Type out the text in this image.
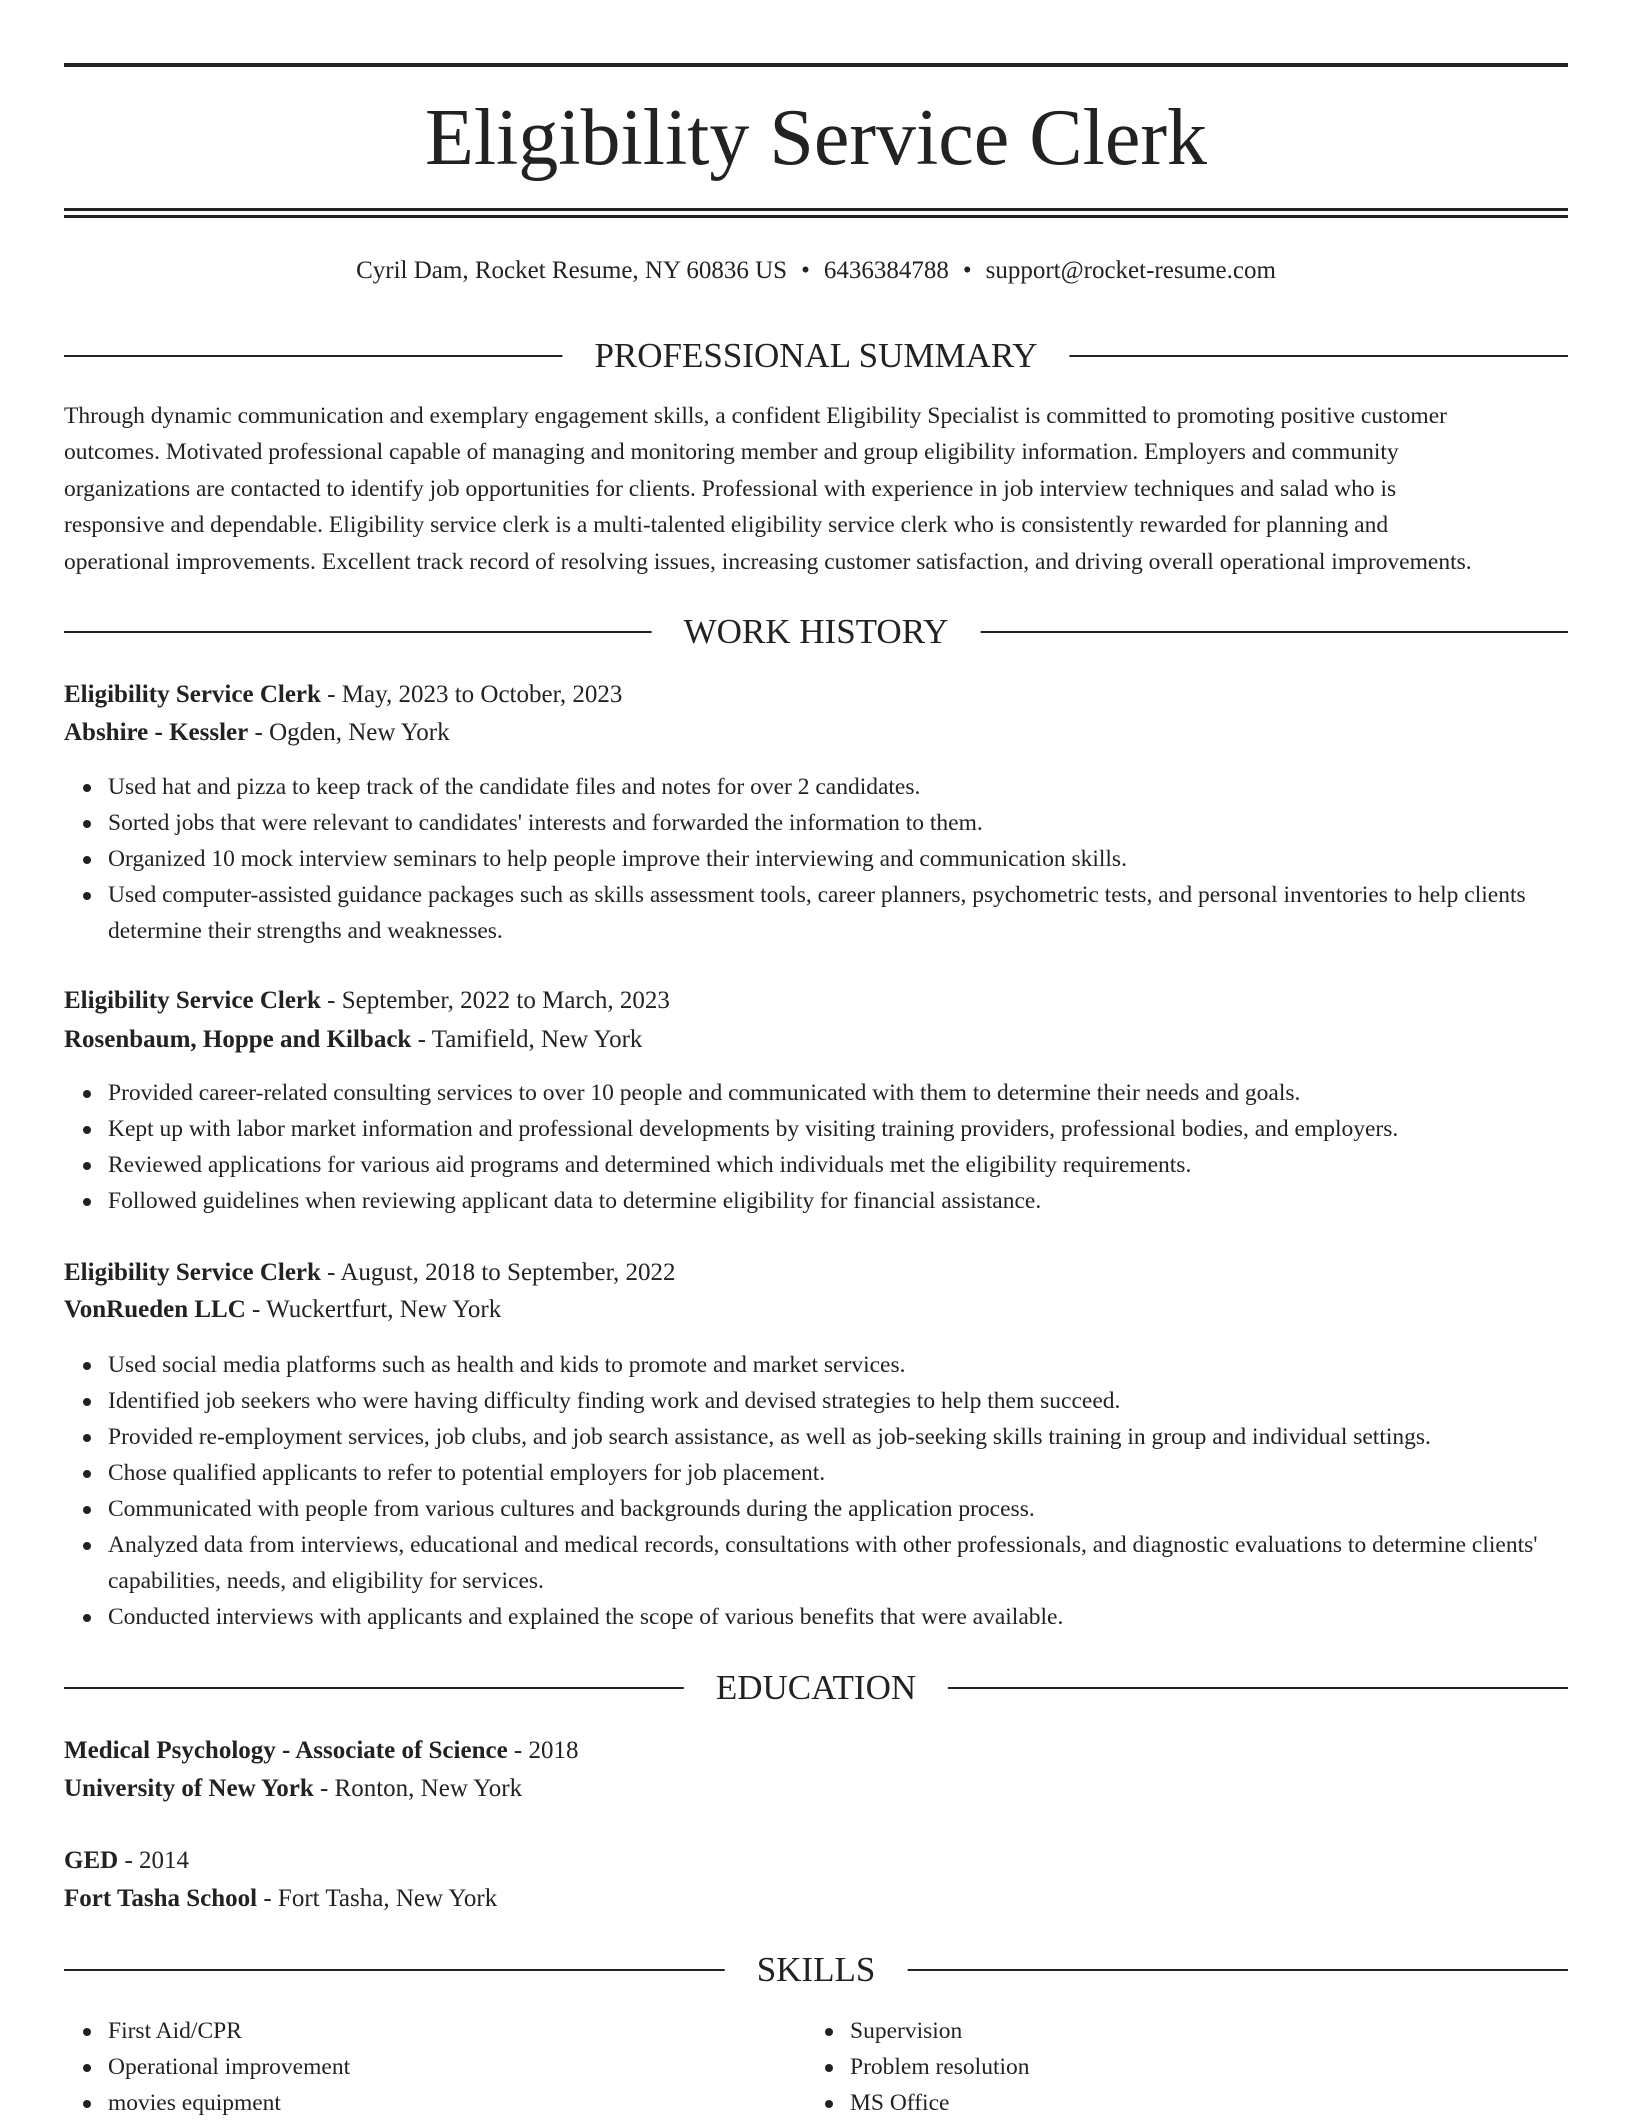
Eligibility Service Clerk
Cyril Dam, Rocket Resume, NY 60836 US • 6436384788 • support@rocket-resume.com
PROFESSIONAL SUMMARY
Through dynamic communication and exemplary engagement skills, a confident Eligibility Specialist is committed to promoting positive customer
outcomes. Motivated professional capable of managing and monitoring member and group eligibility information. Employers and community
organizations are contacted to identify job opportunities for clients. Professional with experience in job interview techniques and salad who is
responsive and dependable. Eligibility service clerk is a multi-talented eligibility service clerk who is consistently rewarded for planning and
operational improvements. Excellent track record of resolving issues, increasing customer satisfaction, and driving overall operational improvements.
WORK HISTORY
Eligibility Service Clerk - May, 2023 to October, 2023
Abshire - Kessler - Ogden, New York
Used hat and pizza to keep track of the candidate files and notes for over 2 candidates.
Sorted jobs that were relevant to candidates' interests and forwarded the information to them.
Organized 10 mock interview seminars to help people improve their interviewing and communication skills.
Used computer-assisted guidance packages such as skills assessment tools, career planners, psychometric tests, and personal inventories to help clients determine their strengths and weaknesses.
Eligibility Service Clerk - September, 2022 to March, 2023
Rosenbaum, Hoppe and Kilback - Tamifield, New York
Provided career-related consulting services to over 10 people and communicated with them to determine their needs and goals.
Kept up with labor market information and professional developments by visiting training providers, professional bodies, and employers.
Reviewed applications for various aid programs and determined which individuals met the eligibility requirements.
Followed guidelines when reviewing applicant data to determine eligibility for financial assistance.
Eligibility Service Clerk - August, 2018 to September, 2022
VonRueden LLC - Wuckertfurt, New York
Used social media platforms such as health and kids to promote and market services.
Identified job seekers who were having difficulty finding work and devised strategies to help them succeed.
Provided re-employment services, job clubs, and job search assistance, as well as job-seeking skills training in group and individual settings.
Chose qualified applicants to refer to potential employers for job placement.
Communicated with people from various cultures and backgrounds during the application process.
Analyzed data from interviews, educational and medical records, consultations with other professionals, and diagnostic evaluations to determine clients' capabilities, needs, and eligibility for services.
Conducted interviews with applicants and explained the scope of various benefits that were available.
EDUCATION
Medical Psychology - Associate of Science - 2018
University of New York - Ronton, New York
GED - 2014
Fort Tasha School - Fort Tasha, New York
SKILLS
First Aid/CPR
Operational improvement
movies equipment
Supervision
Problem resolution
MS Office
